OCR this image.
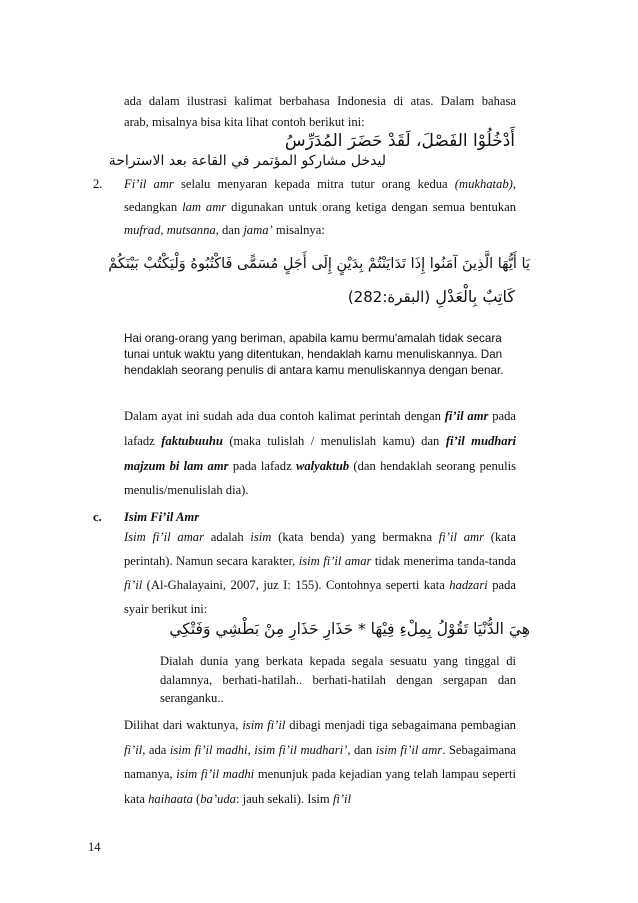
ada dalam ilustrasi kalimat berbahasa Indonesia di atas. Dalam bahasa
arab, misalnya bisa kita lihat contoh berikut ini:
أَدْخُلُوْا الفَصْلَ، لَقَدْ حَضَرَ المُدَرِّسُ
ليدخل مشاركو المؤتمر في القاعة بعد الاستراحة
2. Fi’il amr selalu menyaran kepada mitra tutur orang kedua (mukhatab),
sedangkan lam amr digunakan untuk orang ketiga dengan semua bentukan
mufrad, mutsanna, dan jama’ misalnya:
يَا أَيُّهَا الَّذِينَ آمَنُوا إِذَا تَدَايَنْتُمْ بِدَيْنٍ إِلَى أَجَلٍ مُسَمًّى فَاكْتُبُوهُ وَلْيَكْتُبْ بَيْنَكُمْ
كَاتِبٌ بِالْعَدْلِ (البقرة:282)
Hai orang-orang yang beriman, apabila kamu bermu'amalah tidak secara tunai untuk waktu yang ditentukan, hendaklah kamu menuliskannya. Dan hendaklah seorang penulis di antara kamu menuliskannya dengan benar.
Dalam ayat ini sudah ada dua contoh kalimat perintah dengan fi’il amr pada lafadz faktubuuhu (maka tulislah / menulislah kamu) dan fi’il mudhari majzum bi lam amr pada lafadz walyaktub (dan hendaklah seorang penulis menulis/menulislah dia).
c. Isim Fi’il Amr
Isim fi’il amar adalah isim (kata benda) yang bermakna fi’il amr (kata perintah). Namun secara karakter, isim fi’il amar tidak menerima tanda-tanda fi’il (Al-Ghalayaini, 2007, juz I: 155). Contohnya seperti kata hadzari pada syair berikut ini:
هِيَ الدُّنْيَا تَقُوْلُ بِمِلْءِ فِيْهَا * حَذَارِ حَذَارِ مِنْ بَطْشِي وَفَتْكِي
Dialah dunia yang berkata kepada segala sesuatu yang tinggal di dalamnya, berhati-hatilah.. berhati-hatilah dengan sergapan dan seranganku..
Dilihat dari waktunya, isim fi’il dibagi menjadi tiga sebagaimana pembagian fi’il, ada isim fi’il madhi, isim fi’il mudhari’, dan isim fi’il amr. Sebagaimana namanya, isim fi’il madhi menunjuk pada kejadian yang telah lampau seperti kata haihaata (ba’uda: jauh sekali). Isim fi’il
14
